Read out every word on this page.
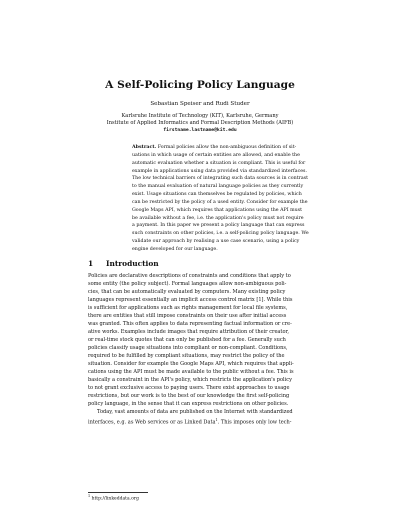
A Self-Policing Policy Language
Sebastian Speiser and Rudi Studer
Karlsruhe Institute of Technology (KIT), Karlsruhe, Germany
Institute of Applied Informatics and Formal Description Methods (AIFB)
firstname.lastname@kit.edu
Abstract. Formal policies allow the non-ambiguous definition of sit-
uations in which usage of certain entities are allowed, and enable the
automatic evaluation whether a situation is compliant. This is useful for
example in applications using data provided via standardized interfaces.
The low technical barriers of integrating such data sources is in contrast
to the manual evaluation of natural language policies as they currently
exist. Usage situations can themselves be regulated by policies, which
can be restricted by the policy of a used entity. Consider for example the
Google Maps API, which requires that applications using the API must
be available without a fee, i.e. the application's policy must not require
a payment. In this paper we present a policy language that can express
such constraints on other policies, i.e. a self-policing policy language. We
validate our approach by realising a use case scenario, using a policy
engine developed for our language.
1 Introduction
Policies are declarative descriptions of constraints and conditions that apply to
some entity (the policy subject). Formal languages allow non-ambiguous poli-
cies, that can be automatically evaluated by computers. Many existing policy
languages represent essentially an implicit access control matrix [1]. While this
is sufficient for applications such as rights management for local file systems,
there are entities that still impose constraints on their use after initial access
was granted. This often applies to data representing factual information or cre-
ative works. Examples include images that require attribution of their creator,
or real-time stock quotes that can only be published for a fee. Generally such
policies classify usage situations into compliant or non-compliant. Conditions,
required to be fulfilled by compliant situations, may restrict the policy of the
situation. Consider for example the Google Maps API, which requires that appli-
cations using the API must be made available to the public without a fee. This is
basically a constraint in the API's policy, which restricts the application's policy
to not grant exclusive access to paying users. There exist approaches to usage
restrictions, but our work is to the best of our knowledge the first self-policing
policy language, in the sense that it can express restrictions on other policies.
Today, vast amounts of data are published on the Internet with standardized
interfaces, e.g. as Web services or as Linked Data$^1$. This imposes only low tech-
$^1$ http://linkeddata.org
